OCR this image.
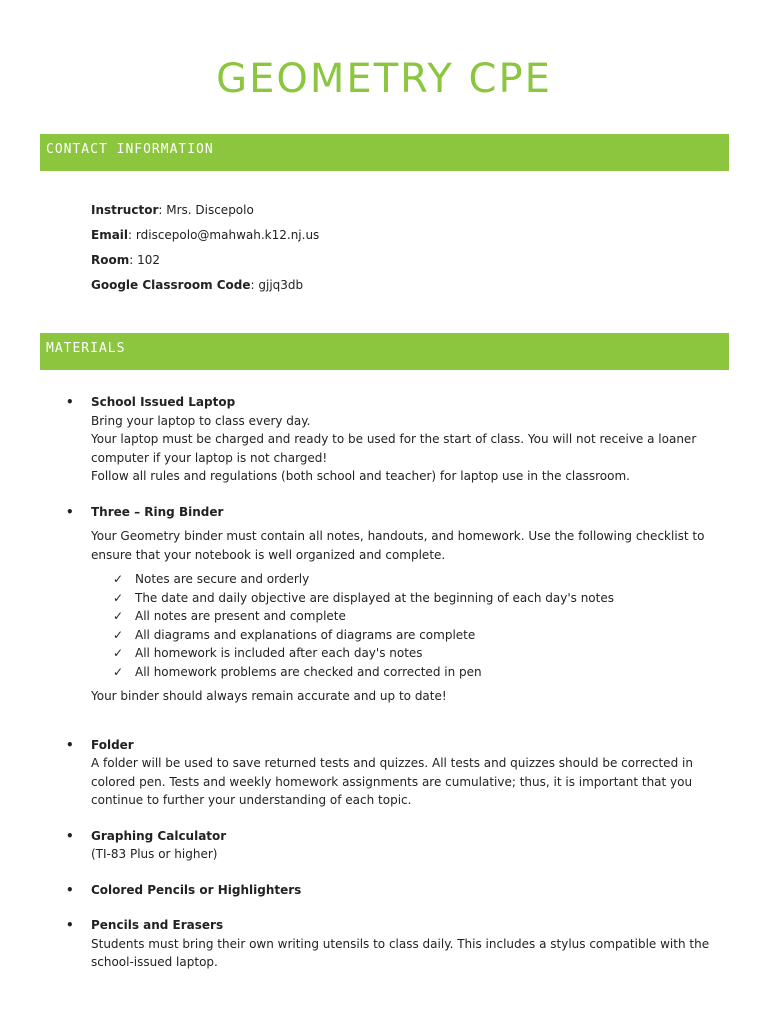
GEOMETRY CPE
CONTACT INFORMATION
Instructor: Mrs. Discepolo
Email: rdiscepolo@mahwah.k12.nj.us
Room: 102
Google Classroom Code: gjjq3db
MATERIALS
• School Issued Laptop

Bring your laptop to class every day.

Your laptop must be charged and ready to be used for the start of class. You will not receive a loaner computer if your laptop is not charged!

Follow all rules and regulations (both school and teacher) for laptop use in the classroom.

• Three – Ring Binder

Your Geometry binder must contain all notes, handouts, and homework. Use the following checklist to ensure that your notebook is well organized and complete.

✓ Notes are secure and orderly
✓ The date and daily objective are displayed at the beginning of each day's notes
✓ All notes are present and complete
✓ All diagrams and explanations of diagrams are complete
✓ All homework is included after each day's notes
✓ All homework problems are checked and corrected in pen

Your binder should always remain accurate and up to date!

• Folder

A folder will be used to save returned tests and quizzes. All tests and quizzes should be corrected in colored pen. Tests and weekly homework assignments are cumulative; thus, it is important that you continue to further your understanding of each topic.

• Graphing Calculator

(TI-83 Plus or higher)

• Colored Pencils or Highlighters
• Pencils and Erasers

Students must bring their own writing utensils to class daily. This includes a stylus compatible with the school-issued laptop.
